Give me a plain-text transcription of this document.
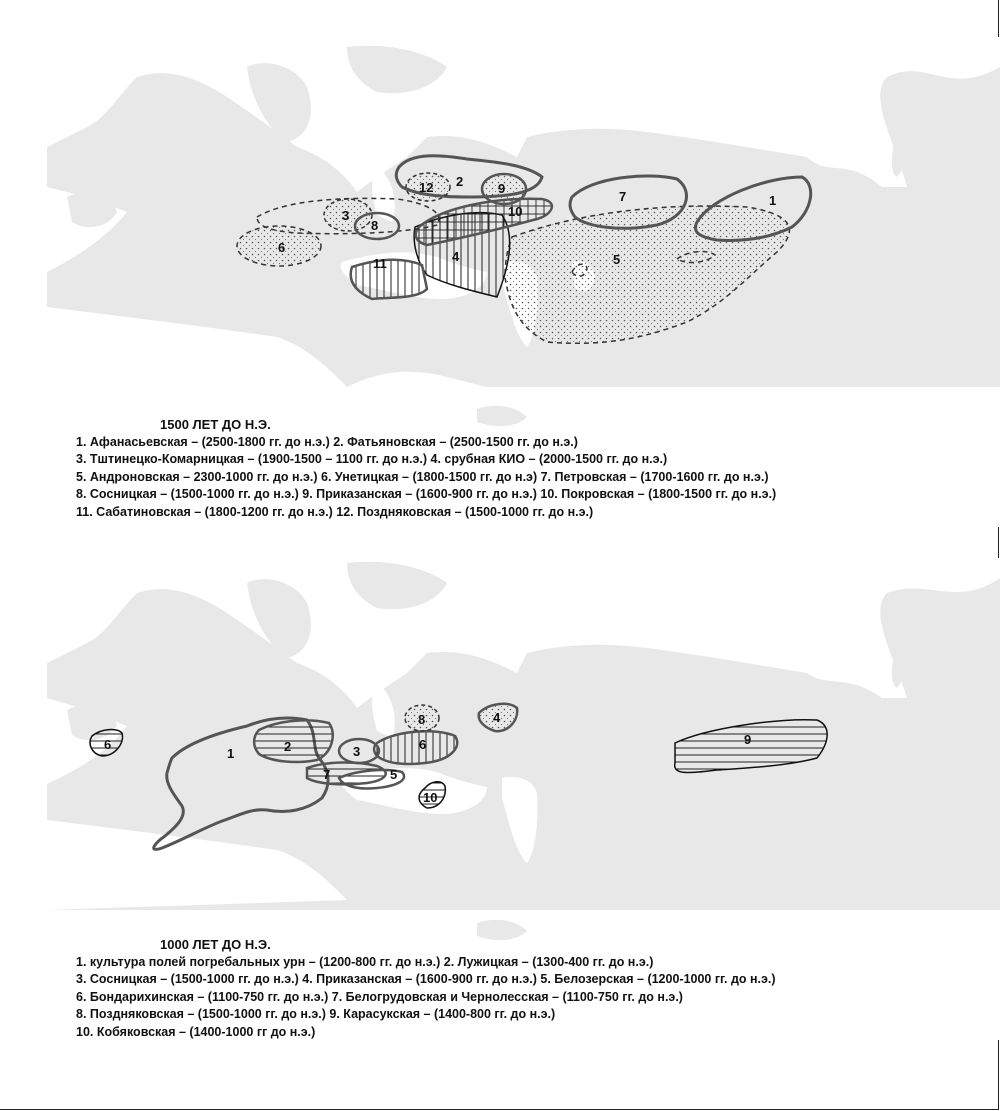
1
2
3
4	5
6
7
8
9
10
11
12
1500 ЛЕТ ДО Н.Э.
1. Афанасьевская – (2500-1800 гг. до н.э.) 2. Фатьяновская – (2500-1500 гг. до н.э.)
3. Тштинецко-Комарницкая – (1900-1500 – 1100 гг. до н.э.) 4. срубная КИО – (2000-1500 гг. до н.э.)
5. Андроновская – 2300-1000 гг. до н.э.) 6. Унетицкая – (1800-1500 гг. до н.э) 7. Петровская – (1700-1600 гг. до н.э.)
8. Сосницкая – (1500-1000 гг. до н.э.) 9. Приказанская – (1600-900 гг. до н.э.) 10. Покровская – (1800-1500 гг. до н.э.)
11. Сабатиновская – (1800-1200 гг. до н.э.) 12. Поздняковская – (1500-1000 гг. до н.э.)
1	2	3
4
5
6
7
8
9
10
6
1000 ЛЕТ ДО Н.Э.
1. культура полей погребальных урн – (1200-800 гг. до н.э.) 2. Лужицкая – (1300-400 гг. до н.э.)
3. Сосницкая – (1500-1000 гг. до н.э.) 4. Приказанская – (1600-900 гг. до н.э.) 5. Белозерская – (1200-1000 гг. до н.э.)
6. Бондарихинская – (1100-750 гг. до н.э.) 7. Белогрудовская и Чернолесская – (1100-750 гг. до н.э.)
8. Поздняковская – (1500-1000 гг. до н.э.) 9. Карасукская – (1400-800 гг. до н.э.)
10. Кобяковская – (1400-1000 гг до н.э.)
